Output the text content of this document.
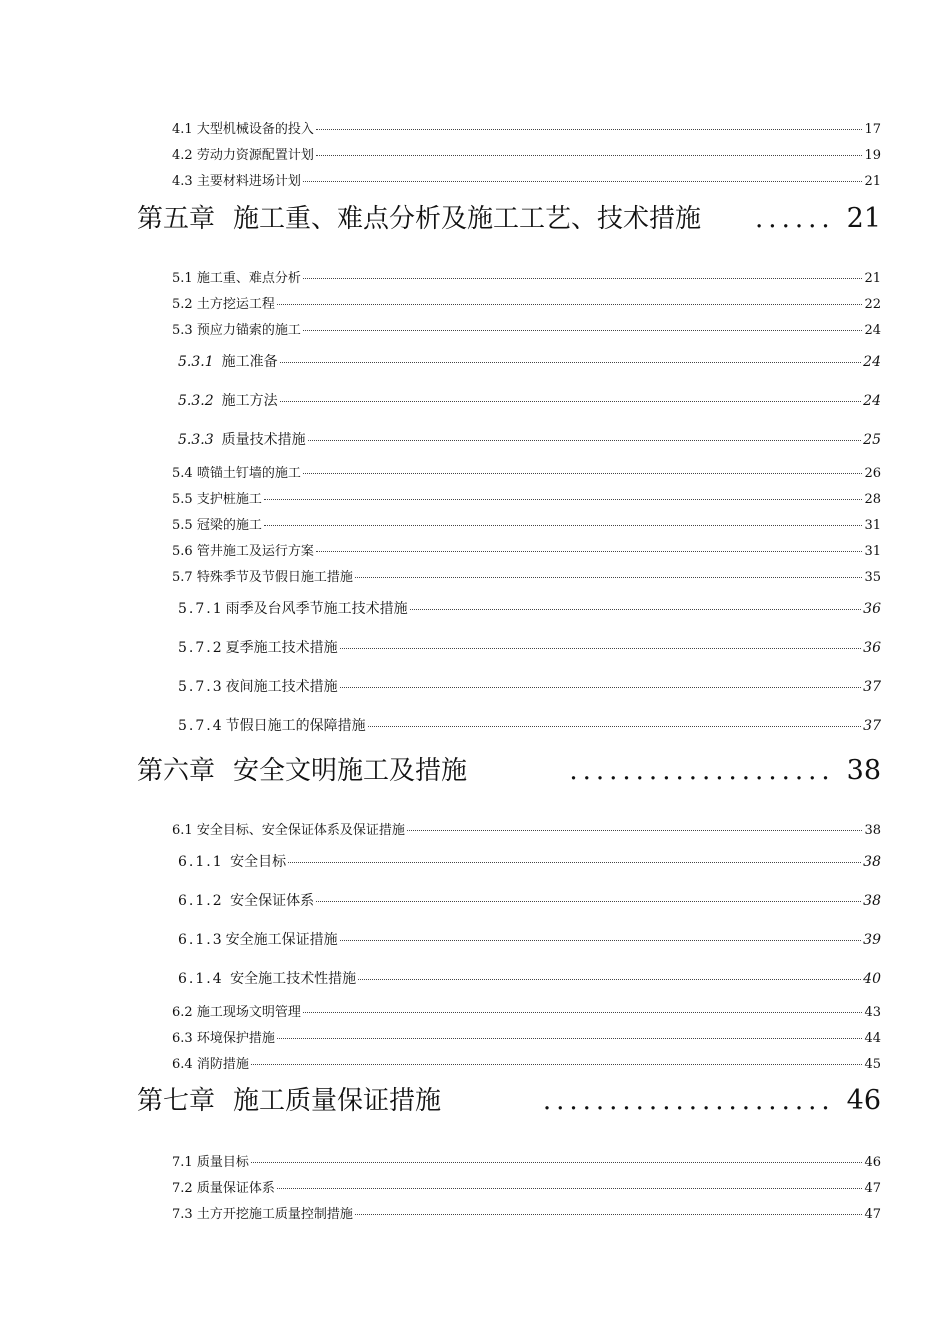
4.1 大型机械设备的投入	17
4.2 劳动力资源配置计划	19
4.3 主要材料进场计划	21
第五章 施工重、难点分析及施工工艺、技术措施	...... 21
5.1 施工重、难点分析	21
5.2 土方挖运工程	22
5.3 预应力锚索的施工	24
5.3.1 施工准备	24
5.3.2 施工方法	24
5.3.3 质量技术措施	25
5.4 喷锚土钉墙的施工	26
5.5 支护桩施工	28
5.5 冠梁的施工	31
5.6 管井施工及运行方案	31
5.7 特殊季节及节假日施工措施	35
5.7.1 雨季及台风季节施工技术措施	36
5.7.2 夏季施工技术措施	36
5.7.3 夜间施工技术措施	37
5.7.4 节假日施工的保障措施	37
第六章 安全文明施工及措施	.................... 38
6.1 安全目标、安全保证体系及保证措施	38
6.1.1 安全目标	38
6.1.2 安全保证体系	38
6.1.3 安全施工保证措施	39
6.1.4 安全施工技术性措施	40
6.2 施工现场文明管理	43
6.3 环境保护措施	44
6.4 消防措施	45
第七章 施工质量保证措施	...................... 46
7.1 质量目标	46
7.2 质量保证体系	47
7.3 土方开挖施工质量控制措施	47
